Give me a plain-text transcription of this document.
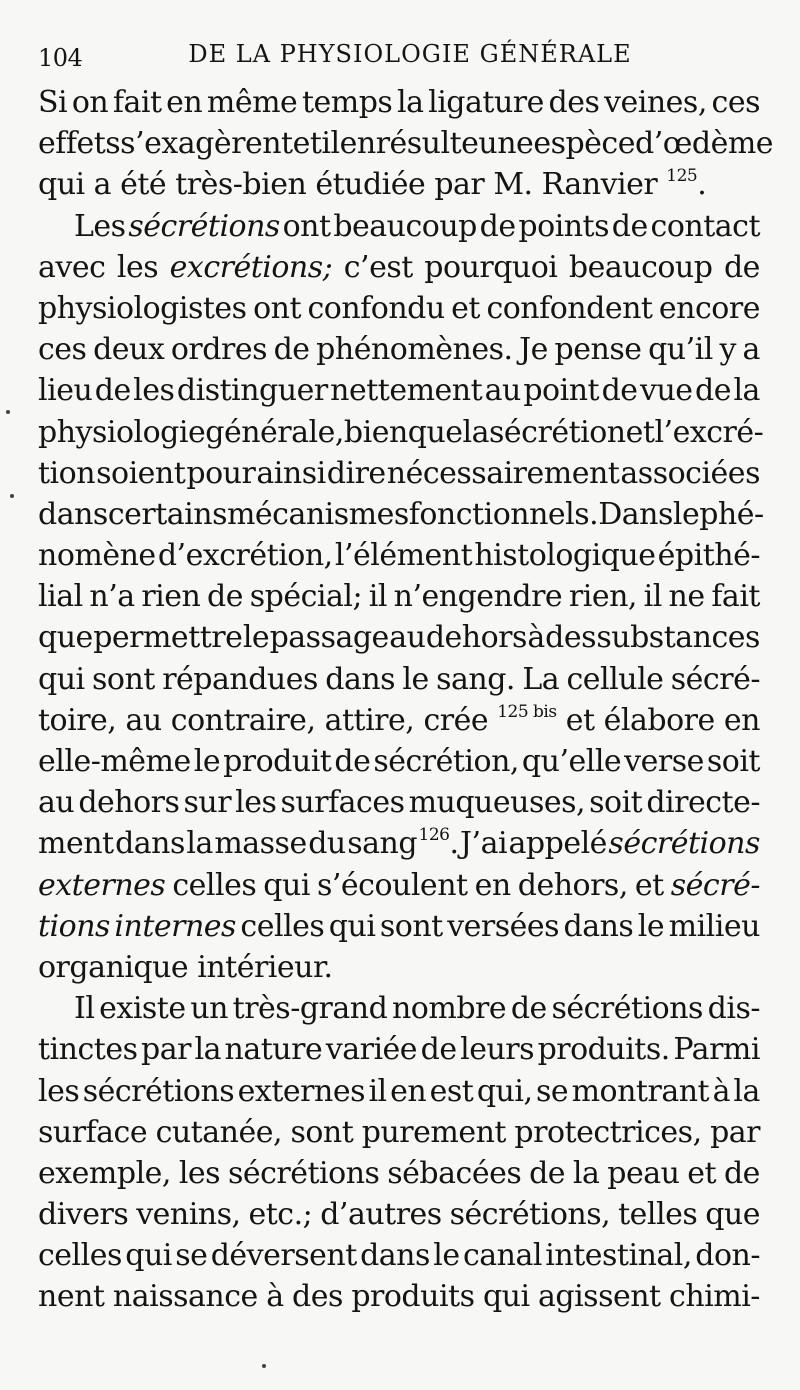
104	DE LA PHYSIOLOGIE GÉNÉRALE
Si on fait en même temps la ligature des veines, ces
effets s’exagèrent et il en résulte une espèce d’œdème
qui
a
été
très-bien
étudiée
par
M.
Ranvier
$^{125}$.
Les sécrétions ont beaucoup de points de contact
avec les excrétions; c’est pourquoi beaucoup de
physiologistes ont confondu et confondent encore
ces deux ordres de phénomènes. Je pense qu’il y a
lieu de les distinguer nettement au point de vue de la
physiologie générale, bien que la sécrétion et l’excré-
tion soient pour ainsi dire nécessairement associées
dans certains mécanismes fonctionnels. Dans le phé-
nomène d’excrétion, l’élément histologique épithé-
lial n’a rien de spécial; il n’engendre rien, il ne fait
que permettre le passage au dehors à des substances
qui sont répandues dans le sang. La cellule sécré-
toire, au contraire, attire, crée $^{125 bis}$ et élabore en
elle-même le produit de sécrétion, qu’elle verse soit
au dehors sur les surfaces muqueuses, soit directe-
ment dans la masse du sang $^{126}$. J’ai appelé sécrétions
externes celles qui s’écoulent en dehors, et sécré-
tions internes celles qui sont versées dans le milieu
organique
intérieur.
Il existe un très-grand nombre de sécrétions dis-
tinctes par la nature variée de leurs produits. Parmi
les sécrétions externes il en est qui, se montrant à la
surface cutanée, sont purement protectrices, par
exemple, les sécrétions sébacées de la peau et de
divers venins, etc.; d’autres sécrétions, telles que
celles qui se déversent dans le canal intestinal, don-
nent naissance à des produits qui agissent chimi-
